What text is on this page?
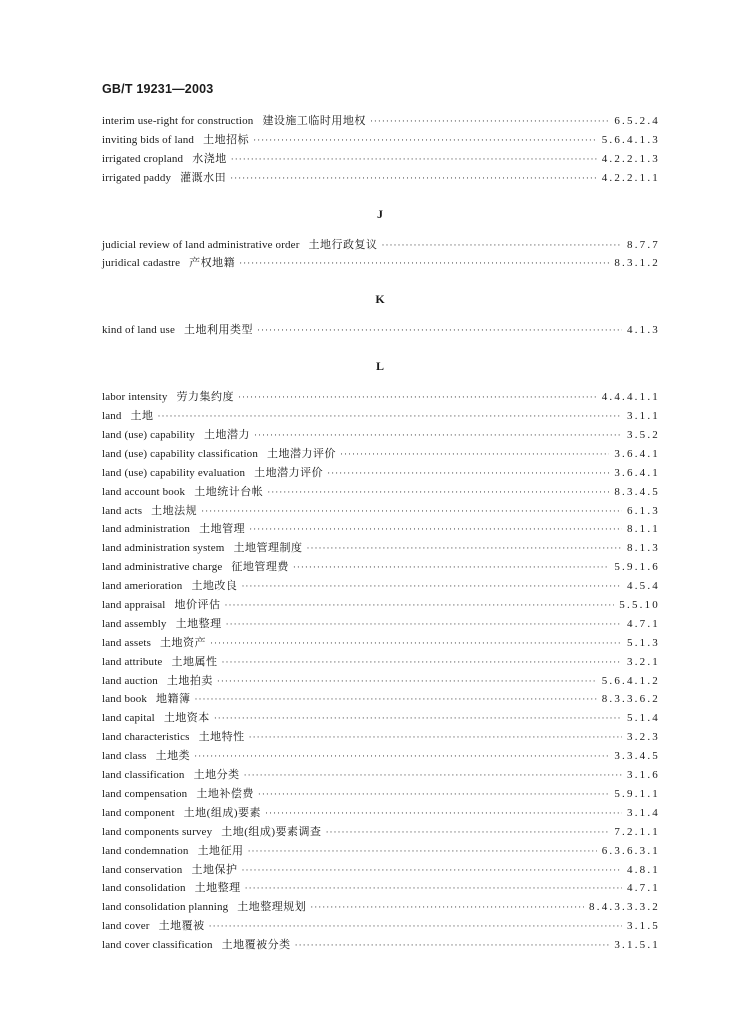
GB/T 19231—2003
interim use-right for construction 建设施工临时用地权 ·····	6.5.2.4
inviting bids of land 土地招标 ·····	5.6.4.1.3
irrigated cropland 水浇地 ·····	4.2.2.1.3
irrigated paddy 灌溉水田 ·····	4.2.2.1.1
J
judicial review of land administrative order 土地行政复议 ·····	8.7.7
juridical cadastre 产权地籍 ·····	8.3.1.2
K
kind of land use 土地利用类型 ·····	4.1.3
L
labor intensity 劳力集约度 ·····	4.4.4.1.1
land 土地 ·····	3.1.1
land (use) capability 土地潜力 ·····	3.5.2
land (use) capability classification 土地潜力评价 ·····	3.6.4.1
land (use) capability evaluation 土地潜力评价 ·····	3.6.4.1
land account book 土地统计台帐 ·····	8.3.4.5
land acts 土地法规 ·····	6.1.3
land administration 土地管理 ·····	8.1.1
land administration system 土地管理制度 ·····	8.1.3
land administrative charge 征地管理费 ·····	5.9.1.6
land amerioration 土地改良 ·····	4.5.4
land appraisal 地价评估 ·····	5.5.10
land assembly 土地整理 ·····	4.7.1
land assets 土地资产 ·····	5.1.3
land attribute 土地属性 ·····	3.2.1
land auction 土地拍卖 ·····	5.6.4.1.2
land book 地籍簿 ·····	8.3.3.6.2
land capital 土地资本 ·····	5.1.4
land characteristics 土地特性 ·····	3.2.3
land class 土地类 ·····	3.3.4.5
land classification 土地分类 ·····	3.1.6
land compensation 土地补偿费 ·····	5.9.1.1
land component 土地(组成)要素 ·····	3.1.4
land components survey 土地(组成)要素调查 ·····	7.2.1.1
land condemnation 土地征用 ·····	6.3.6.3.1
land conservation 土地保护 ·····	4.8.1
land consolidation 土地整理 ·····	4.7.1
land consolidation planning 土地整理规划 ·····	8.4.3.3.3.2
land cover 土地覆被 ·····	3.1.5
land cover classification 土地覆被分类 ·····	3.1.5.1
